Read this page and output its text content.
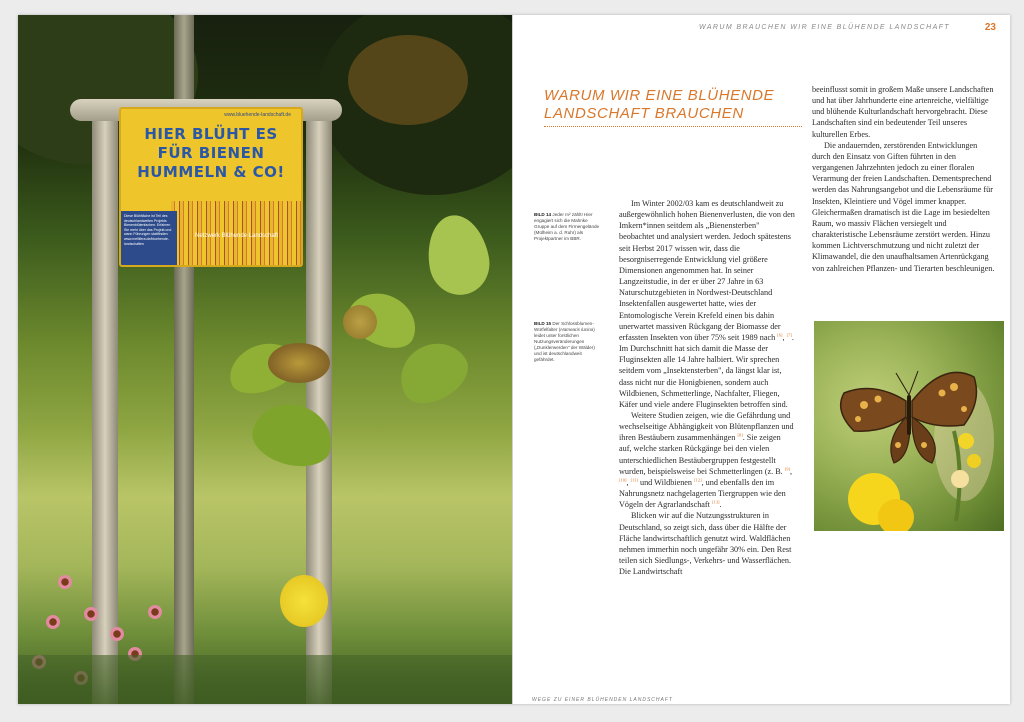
www.bluehende-landschaft.de
HIER BLÜHT ES
FÜR BIENEN
HUMMELN & CO!
Diese Blühfläche ist Teil des deutschlandweiten Projekts Bienenblütenfachen. Erfahren Sie mehr über das Projekt und wann Führungen stattfinden: www.mellifera.de/bluehende-landschaften
Netzwerk Blühende Landschaft
BILD 14 Jeder m² zählt! Hier engagiert sich die Mahnke Gruppe auf dem Firmengelände (Mülheim a. d. Ruhr) als Projektpartner im BBR.
BILD 15 Der Schlossblumen-Würfelfalter (Hamearis lucina) leidet unter forstlichen Nutzungsveränderungen („Dunklerwerden" der Wälder) und ist deutschlandweit gefährdet.
WARUM BRAUCHEN WIR EINE BLÜHENDE LANDSCHAFT	23
WARUM WIR EINE BLÜHENDE LANDSCHAFT BRAUCHEN

Im Winter 2002/03 kam es deutschlandweit zu außergewöhnlich hohen Bienenverlusten, die von den Imkern*innen seitdem als „Bienensterben" beobachtet und analysiert werden. Jedoch spätestens seit Herbst 2017 wissen wir, dass die besorgniserregende Entwicklung viel größere Dimensionen angenommen hat. In seiner Langzeitstudie, in der er über 27 Jahre in 63 Naturschutzgebieten in Nordwest-Deutschland Insektenfallen ausgewertet hatte, wies der Entomologische Verein Krefeld einen bis dahin unerwartet massiven Rückgang der Biomasse der erfassten Insekten von über 75% seit 1989 nach [6], [7]. Im Durchschnitt hat sich damit die Masse der Fluginsekten alle 14 Jahre halbiert. Wir sprechen seitdem vom „Insektensterben", da längst klar ist, dass nicht nur die Honigbienen, sondern auch Wildbienen, Schmetterlinge, Nachfalter, Fliegen, Käfer und viele andere Fluginsekten betroffen sind.

Weitere Studien zeigen, wie die Gefährdung und wechselseitige Abhängigkeit von Blütenpflanzen und ihren Bestäubern zusammenhängen [8]. Sie zeigen auf, welche starken Rückgänge bei den vielen unterschiedlichen Bestäubergruppen festgestellt wurden, beispielsweise bei Schmetterlingen (z. B. [9], [10], [11] und Wildbienen [12], und ebenfalls den im Nahrungsnetz nachgelagerten Tiergruppen wie den Vögeln der Agrarlandschaft [13].

Blicken wir auf die Nutzungsstrukturen in Deutschland, so zeigt sich, dass über die Hälfte der Fläche landwirtschaftlich genutzt wird. Waldflächen nehmen immerhin noch ungefähr 30% ein. Den Rest teilen sich Siedlungs-, Verkehrs- und Wasserflächen. Die Landwirtschaft

beeinflusst somit in großem Maße unsere Landschaften und hat über Jahrhunderte eine artenreiche, vielfältige und blühende Kulturlandschaft hervorgebracht. Diese Landschaften sind ein bedeutender Teil unseres kulturellen Erbes.

Die andauernden, zerstörenden Entwicklungen durch den Einsatz von Giften führten in den vergangenen Jahrzehnten jedoch zu einer floralen Verarmung der freien Landschaften. Dementsprechend werden das Nahrungsangebot und die Lebensräume für Insekten, Kleintiere und Vögel immer knapper. Gleichermaßen dramatisch ist die Lage im besiedelten Raum, wo massiv Flächen versiegelt und charakteristische Lebensräume zerstört werden. Hinzu kommen Lichtverschmutzung und nicht zuletzt der Klimawandel, die den unaufhaltsamen Artenrückgang von zahlreichen Pflanzen- und Tierarten beschleunigen.

WEGE ZU EINER BLÜHENDEN LANDSCHAFT
